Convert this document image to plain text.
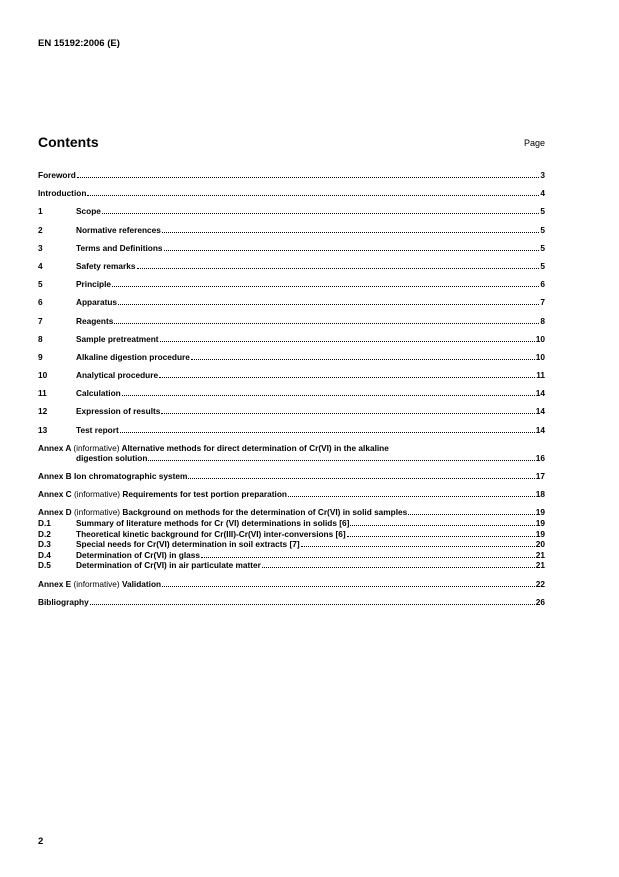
EN 15192:2006 (E)
Contents	Page
Foreword	3
Introduction	4
1	Scope	5
2	Normative references	5
3	Terms and Definitions	5
4	Safety remarks	5
5	Principle	6
6	Apparatus	7
7	Reagents	8
8	Sample pretreatment	10
9	Alkaline digestion procedure	10
10	Analytical procedure	11
11	Calculation	14
12	Expression of results	14
13	Test report	14
Annex A (informative) Alternative methods for direct determination of Cr(VI) in the alkaline
digestion solution	16
Annex B Ion chromatographic system	17
Annex C (informative) Requirements for test portion preparation	18
Annex D (informative) Background on methods for the determination of Cr(VI) in solid samples	19
D.1	Summary of literature methods for Cr (VI) determinations in solids [6]	19
D.2	Theoretical kinetic background for Cr(III)-Cr(VI) inter-conversions [6]	19
D.3	Special needs for Cr(VI) determination in soil extracts [7]	20
D.4	Determination of Cr(VI) in glass	21
D.5	Determination of Cr(VI) in air particulate matter	21
Annex E (informative) Validation	22
Bibliography	26
2
